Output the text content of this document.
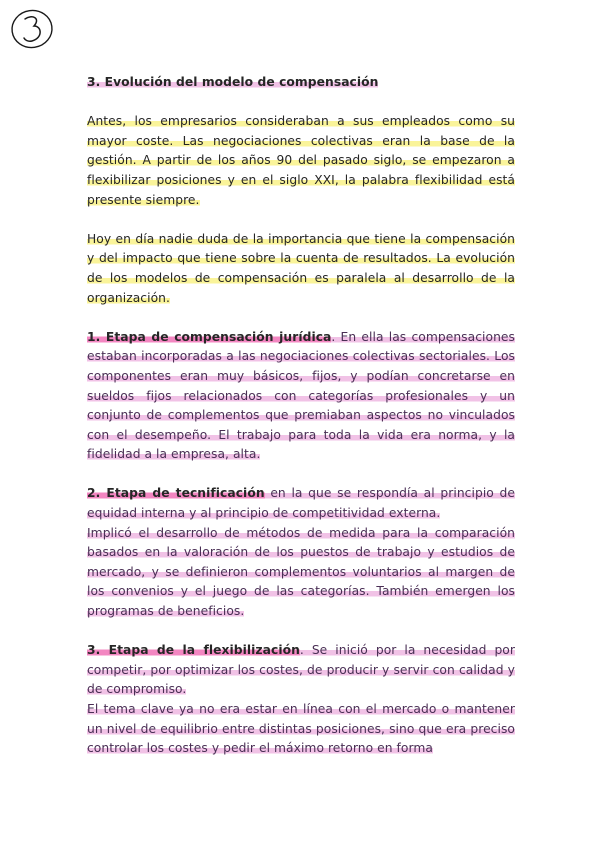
3. Evolución del modelo de compensación

Antes, los empresarios consideraban a sus empleados como su mayor coste. Las negociaciones colectivas eran la base de la gestión. A partir de los años 90 del pasado siglo, se empezaron a flexibilizar posiciones y en el siglo XXI, la palabra flexibilidad está presente siempre.

Hoy en día nadie duda de la importancia que tiene la compensación y del impacto que tiene sobre la cuenta de resultados. La evolución de los modelos de compensación es paralela al desarrollo de la organización.

1. Etapa de compensación jurídica. En ella las compensaciones estaban incorporadas a las negociaciones colectivas sectoriales. Los componentes eran muy básicos, fijos, y podían concretarse en sueldos fijos relacionados con categorías profesionales y un conjunto de complementos que premiaban aspectos no vinculados con el desempeño. El trabajo para toda la vida era norma, y la fidelidad a la empresa, alta.

2. Etapa de tecnificación en la que se respondía al principio de equidad interna y al principio de competitividad externa.

Implicó el desarrollo de métodos de medida para la comparación basados en la valoración de los puestos de trabajo y estudios de mercado, y se definieron complementos voluntarios al margen de los convenios y el juego de las categorías. También emergen los programas de beneficios.

3. Etapa de la flexibilización. Se inició por la necesidad por competir, por optimizar los costes, de producir y servir con calidad y de compromiso.

El tema clave ya no era estar en línea con el mercado o mantener un nivel de equilibrio entre distintas posiciones, sino que era preciso controlar los costes y pedir el máximo retorno en forma
